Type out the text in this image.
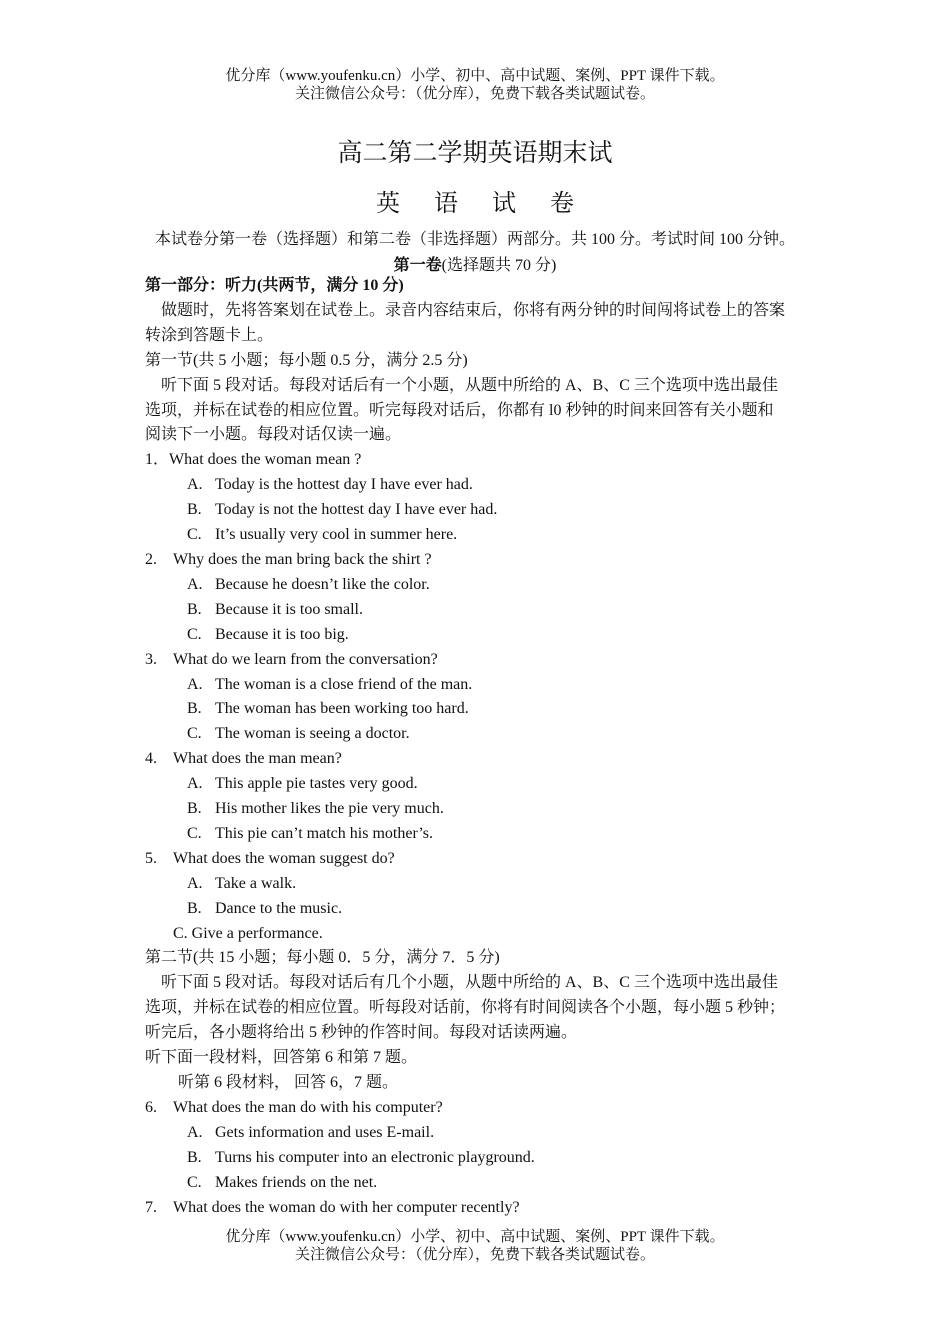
优分库（www.youfenku.cn）小学、初中、高中试题、案例、PPT 课件下载。
关注微信公众号：（优分库），免费下载各类试题试卷。
高二第二学期英语期末试
英语试卷
本试卷分第一卷（选择题）和第二卷（非选择题）两部分。共 100 分。考试时间 100 分钟。
第一卷(选择题共 70 分)
第一部分：听力(共两节，满分 10 分)
做题时，先将答案划在试卷上。录音内容结束后，你将有两分钟的时间闯将试卷上的答案
转涂到答题卡上。
第一节(共 5 小题；每小题 0.5 分，满分 2.5 分)
听下面 5 段对话。每段对话后有一个小题，从题中所给的 A、B、C 三个选项中选出最佳
选项，并标在试卷的相应位置。听完每段对话后，你都有 l0 秒钟的时间来回答有关小题和
阅读下一小题。每段对话仅读一遍。
1．What does the woman mean ?
A. Today is the hottest day I have ever had.
B. Today is not the hottest day I have ever had.
C. It’s usually very cool in summer here.
2.	Why does the man bring back the shirt ?
A. Because he doesn’t like the color.
B. Because it is too small.
C. Because it is too big.
3.	What do we learn from the conversation?
A. The woman is a close friend of the man.
B. The woman has been working too hard.
C. The woman is seeing a doctor.
4.	What does the man mean?
A. This apple pie tastes very good.
B. His mother likes the pie very much.
C. This pie can’t match his mother’s.
5.	What does the woman suggest do?
A. Take a walk.
B. Dance to the music.
C. Give a performance.
第二节(共 15 小题；每小题 0．5 分，满分 7．5 分)
听下面 5 段对话。每段对话后有几个小题，从题中所给的 A、B、C 三个选项中选出最佳
选项，并标在试卷的相应位置。听每段对话前，你将有时间阅读各个小题，每小题 5 秒钟；
听完后，各小题将给出 5 秒钟的作答时间。每段对话读两遍。
听下面一段材料，回答第 6 和第 7 题。
听第 6 段材料， 回答 6，7 题。
6.	What does the man do with his computer?
A. Gets information and uses E-mail.
B. Turns his computer into an electronic playground.
C. Makes friends on the net.
7.	What does the woman do with her computer recently?
优分库（www.youfenku.cn）小学、初中、高中试题、案例、PPT 课件下载。
关注微信公众号：（优分库），免费下载各类试题试卷。
